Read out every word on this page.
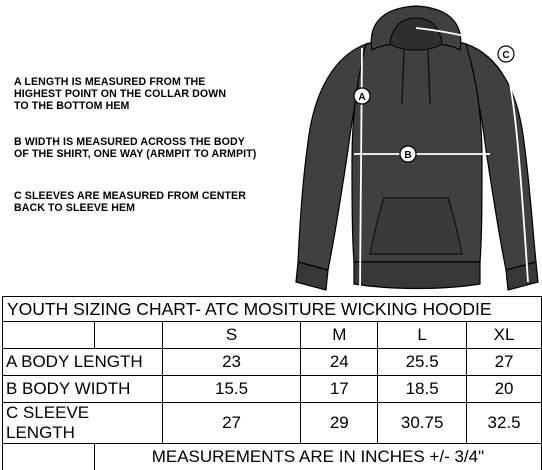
A LENGTH IS MEASURED FROM THE
HIGHEST POINT ON THE COLLAR DOWN
TO THE BOTTOM HEM
B WIDTH IS MEASURED ACROSS THE BODY
OF THE SHIRT, ONE WAY (ARMPIT TO ARMPIT)
C SLEEVES ARE MEASURED FROM CENTER
BACK TO SLEEVE HEM
A
B
C
YOUTH SIZING CHART- ATC MOSITURE WICKING HOODIE					
		S	M	L	XL
A BODY LENGTH		23	24	25.5	27
B BODY WIDTH		15.5	17	18.5	20
C SLEEVE LENGTH		27	29	30.75	32.5
	MEASUREMENTS ARE IN INCHES +/- 3/4"				
